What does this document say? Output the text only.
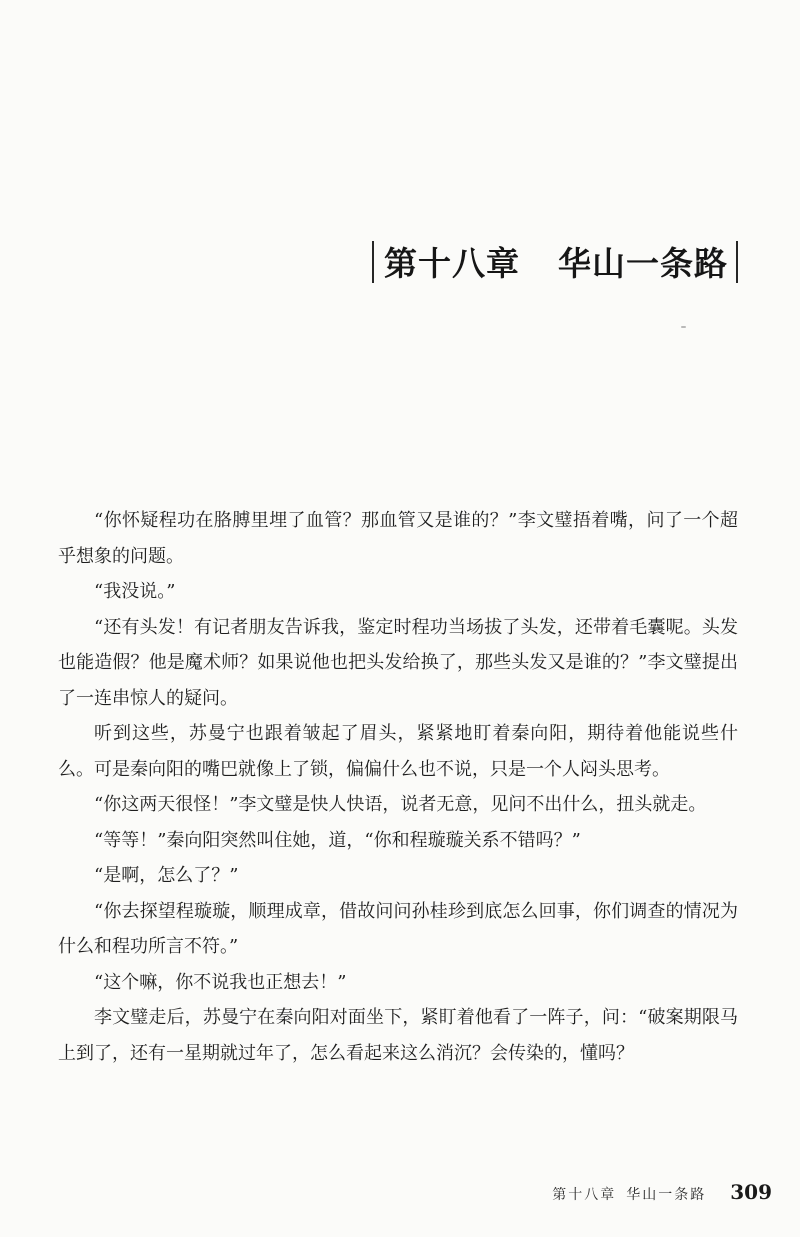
第十八章 华山一条路

“你怀疑程功在胳膊里埋了血管？那血管又是谁的？”李文璧捂着嘴，问了一个超乎想象的问题。

“我没说。”

“还有头发！有记者朋友告诉我，鉴定时程功当场拔了头发，还带着毛囊呢。头发也能造假？他是魔术师？如果说他也把头发给换了，那些头发又是谁的？”李文璧提出了一连串惊人的疑问。

听到这些，苏曼宁也跟着皱起了眉头，紧紧地盯着秦向阳，期待着他能说些什么。可是秦向阳的嘴巴就像上了锁，偏偏什么也不说，只是一个人闷头思考。

“你这两天很怪！”李文璧是快人快语，说者无意，见问不出什么，扭头就走。

“等等！”秦向阳突然叫住她，道，“你和程璇璇关系不错吗？”

“是啊，怎么了？”

“你去探望程璇璇，顺理成章，借故问问孙桂珍到底怎么回事，你们调查的情况为什么和程功所言不符。”

“这个嘛，你不说我也正想去！”

李文璧走后，苏曼宁在秦向阳对面坐下，紧盯着他看了一阵子，问：“破案期限马上到了，还有一星期就过年了，怎么看起来这么消沉？会传染的，懂吗？

第十八章 华山一条路 309
